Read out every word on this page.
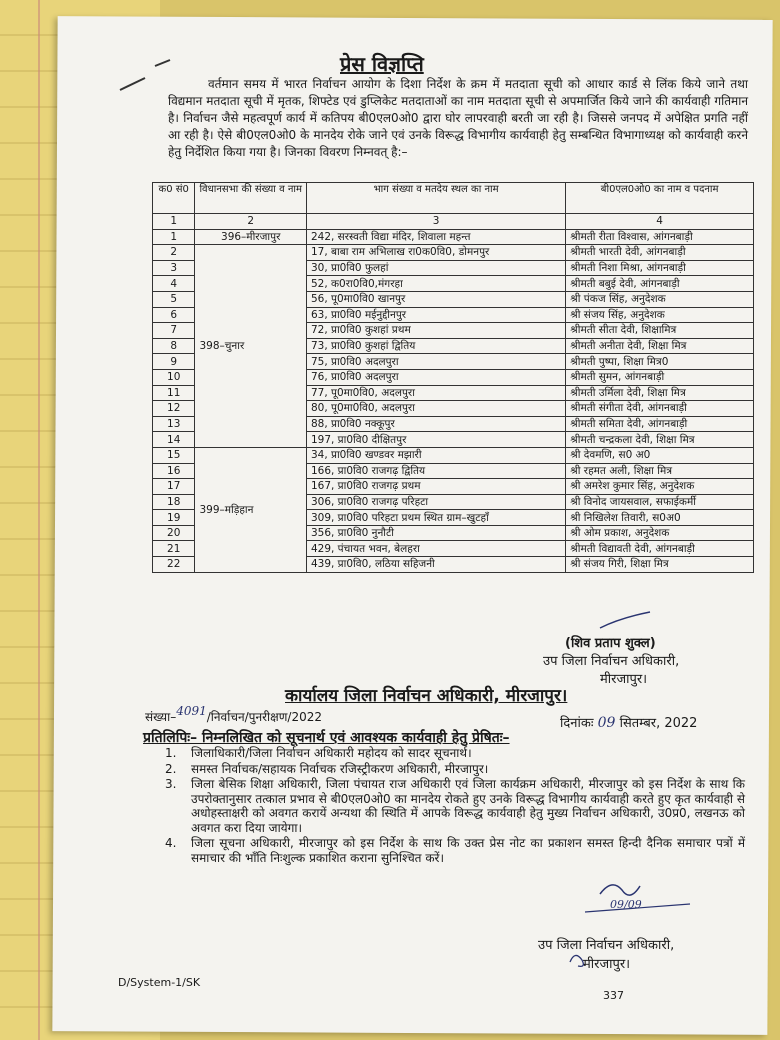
प्रेस विज्ञप्ति
वर्तमान समय में भारत निर्वाचन आयोग के दिशा निर्देश के क्रम में मतदाता सूची को आधार कार्ड से लिंक किये जाने तथा विद्यमान मतदाता सूची में मृतक, शिफ्टेड एवं डुप्लिकेट मतदाताओं का नाम मतदाता सूची से अपमार्जित किये जाने की कार्यवाही गतिमान है। निर्वाचन जैसे महत्वपूर्ण कार्य में कतिपय बी0एल0ओ0 द्वारा घोर लापरवाही बरती जा रही है। जिससे जनपद में अपेक्षित प्रगति नहीं आ रही है। ऐसे बी0एल0ओ0 के मानदेय रोके जाने एवं उनके विरूद्ध विभागीय कार्यवाही हेतु सम्बन्धित विभागाध्यक्ष को कार्यवाही करने हेतु निर्देशित किया गया है। जिनका विवरण निम्नवत् है:–
क0 सं0	विधानसभा की संख्या व नाम	भाग संख्या व मतदेय स्थल का नाम	बी0एल0ओ0 का नाम व पदनाम
1	2	3	4
1	396–मीरजापुर	242, सरस्वती विद्या मंदिर, शिवाला महन्त	श्रीमती रीता विश्वास, आंगनबाड़ी
2	398–चुनार	17, बाबा राम अभिलाख रा0क0वि0, डोमनपुर	श्रीमती भारती देवी, आंगनबाड़ी
3		30, प्रा0वि0 फुलहां	श्रीमती निशा मिश्रा, आंगनबाड़ी
4		52, क0रा0वि0,मंगरहा	श्रीमती बबुई देवी, आंगनबाड़ी
5		56, पू0मा0वि0 खानपुर	श्री पंकज सिंह, अनुदेशक
6		63, प्रा0वि0 मईनुद्दीनपुर	श्री संजय सिंह, अनुदेशक
7		72, प्रा0वि0 कुशहां प्रथम	श्रीमती सीता देवी, शिक्षामित्र
8		73, प्रा0वि0 कुशहां द्वितिय	श्रीमती अनीता देवी, शिक्षा मित्र
9		75, प्रा0वि0 अदलपुरा	श्रीमती पुष्पा, शिक्षा मित्र0
10		76, प्रा0वि0 अदलपुरा	श्रीमती सुमन, आंगनबाड़ी
11		77, पू0मा0वि0, अदलपुरा	श्रीमती उर्मिला देवी, शिक्षा मित्र
12		80, पू0मा0वि0, अदलपुरा	श्रीमती संगीता देवी, आंगनबाड़ी
13		88, प्रा0वि0 नक्कूपुर	श्रीमती समिता देवी, आंगनबाड़ी
14		197, प्रा0वि0 दीक्षितपुर	श्रीमती चन्द्रकला देवी, शिक्षा मित्र
15	399–मड़िहान	34, प्रा0वि0 खण्डवर मझारी	श्री देवमणि, स0 अ0
16		166, प्रा0वि0 राजगढ़ द्वितिय	श्री रहमत अली, शिक्षा मित्र
17		167, प्रा0वि0 राजगढ़ प्रथम	श्री अमरेश कुमार सिंह, अनुदेशक
18		306, प्रा0वि0 राजगढ़ परिहटा	श्री विनोद जायसवाल, सफाईकर्मी
19		309, प्रा0वि0 परिहटा प्रथम स्थित ग्राम–खुटहाँ	श्री निखिलेश तिवारी, स0अ0
20		356, प्रा0वि0 नुनौटी	श्री ओम प्रकाश, अनुदेशक
21		429, पंचायत भवन, बेलहरा	श्रीमती विद्यावती देवी, आंगनबाड़ी
22		439, प्रा0वि0, लठिया सहिजनी	श्री संजय गिरी, शिक्षा मित्र
(शिव प्रताप शुक्ल)
उप जिला निर्वाचन अधिकारी,
मीरजापुर।
कार्यालय जिला निर्वाचन अधिकारी, मीरजापुर।
संख्या–4091/निर्वाचन/पुनरीक्षण/2022	दिनांकः 09 सितम्बर, 2022
प्रतिलिपिः– निम्नलिखित को सूचनार्थ एवं आवश्यक कार्यवाही हेतु प्रेषितः–
1.	जिलाधिकारी/जिला निर्वाचन अधिकारी महोदय को सादर सूचनार्थ।
2.	समस्त निर्वाचक/सहायक निर्वाचक रजिस्ट्रीकरण अधिकारी, मीरजापुर।
3.	जिला बेसिक शिक्षा अधिकारी, जिला पंचायत राज अधिकारी एवं जिला कार्यक्रम अधिकारी, मीरजापुर को इस निर्देश के साथ कि उपरोक्तानुसार तत्काल प्रभाव से बी0एल0ओ0 का मानदेय रोकते हुए उनके विरूद्ध विभागीय कार्यवाही करते हुए कृत कार्यवाही से अधोहस्ताक्षरी को अवगत करायें अन्यथा की स्थिति में आपके विरूद्ध कार्यवाही हेतु मुख्य निर्वाचन अधिकारी, उ0प्र0, लखनऊ को अवगत करा दिया जायेगा।
4.	जिला सूचना अधिकारी, मीरजापुर को इस निर्देश के साथ कि उक्त प्रेस नोट का प्रकाशन समस्त हिन्दी दैनिक समाचार पत्रों में समाचार की भाँति निःशुल्क प्रकाशित कराना सुनिश्चित करें।
09/09
उप जिला निर्वाचन अधिकारी,
मीरजापुर।
D/System-1/SK
337
